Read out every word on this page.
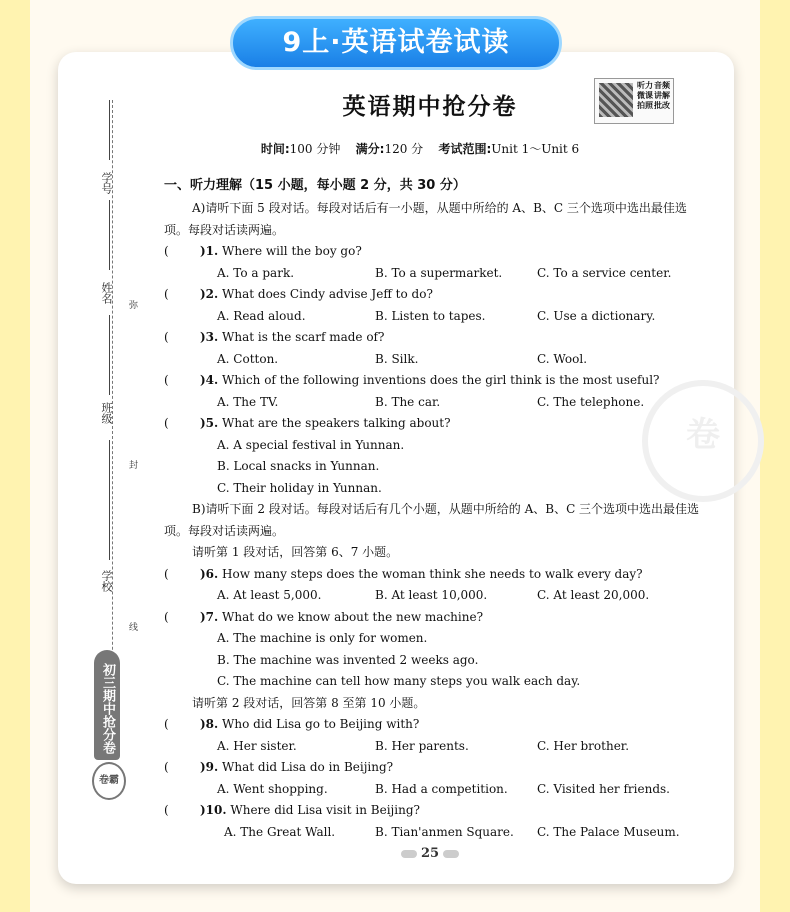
9上·英语试卷试读
学号
姓名
班级
学校
弥
封
线
初三期中抢分卷
卷霸
卷
英语期中抢分卷
听力 音频
微课 讲解
拍照 批改
时间:100 分钟 满分:120 分 考试范围:Unit 1～Unit 6
一、听力理解（15 小题，每小题 2 分，共 30 分）
A)请听下面 5 段对话。每段对话后有一小题，从题中所给的 A、B、C 三个选项中选出最佳选项。每段对话读两遍。
(	)1. Where will the boy go?
A. To a park.	B. To a supermarket.	C. To a service center.
(	)2. What does Cindy advise Jeff to do?
A. Read aloud.	B. Listen to tapes.	C. Use a dictionary.
(	)3. What is the scarf made of?
A. Cotton.	B. Silk.	C. Wool.
(	)4. Which of the following inventions does the girl think is the most useful?
A. The TV.	B. The car.	C. The telephone.
(	)5. What are the speakers talking about?
A. A special festival in Yunnan.
B. Local snacks in Yunnan.
C. Their holiday in Yunnan.
B)请听下面 2 段对话。每段对话后有几个小题，从题中所给的 A、B、C 三个选项中选出最佳选项。每段对话读两遍。
请听第 1 段对话，回答第 6、7 小题。
(	)6. How many steps does the woman think she needs to walk every day?
A. At least 5,000.	B. At least 10,000.	C. At least 20,000.
(	)7. What do we know about the new machine?
A. The machine is only for women.
B. The machine was invented 2 weeks ago.
C. The machine can tell how many steps you walk each day.
请听第 2 段对话，回答第 8 至第 10 小题。
(	)8. Who did Lisa go to Beijing with?
A. Her sister.	B. Her parents.	C. Her brother.
(	)9. What did Lisa do in Beijing?
A. Went shopping.	B. Had a competition. C. Visited her friends.
(	)10. Where did Lisa visit in Beijing?
A. The Great Wall.	B. Tian'anmen Square. C. The Palace Museum.
25
